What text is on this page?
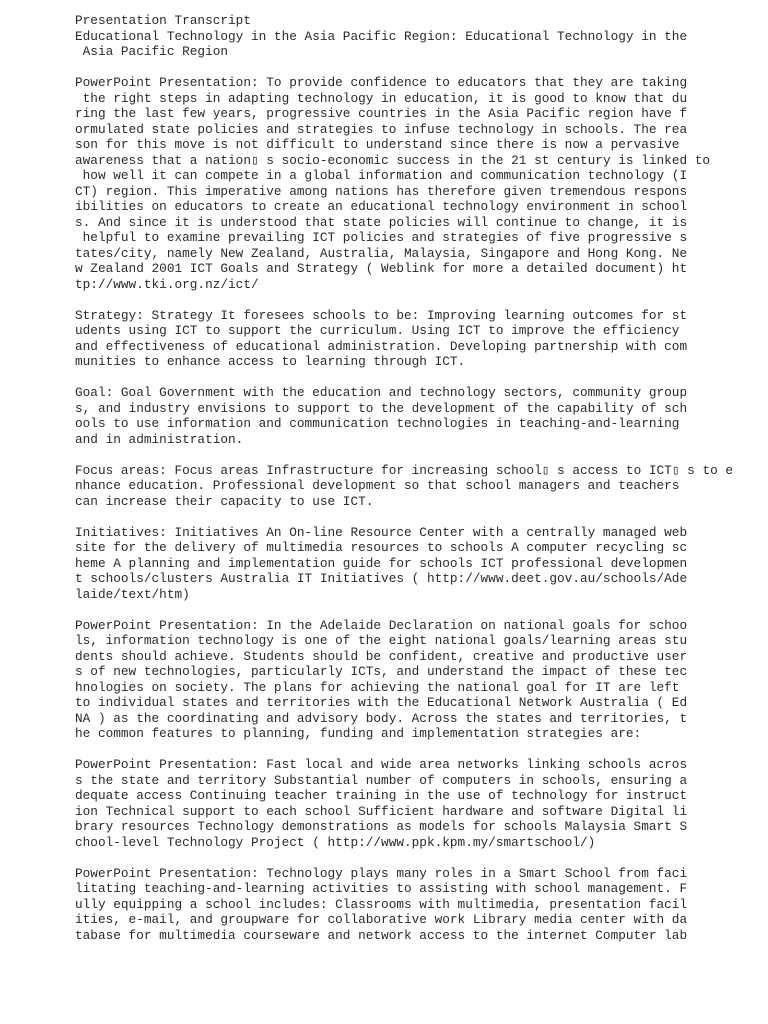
Presentation Transcript
Educational Technology in the Asia Pacific Region: Educational Technology in the
Asia Pacific Region
PowerPoint Presentation: To provide confidence to educators that they are taking
the right steps in adapting technology in education, it is good to know that du
ring the last few years, progressive countries in the Asia Pacific region have f
ormulated state policies and strategies to infuse technology in schools. The rea
son for this move is not difficult to understand since there is now a pervasive
awareness that a nation▯ s socio-economic success in the 21 st century is linked to
how well it can compete in a global information and communication technology (I
CT) region. This imperative among nations has therefore given tremendous respons
ibilities on educators to create an educational technology environment in school
s. And since it is understood that state policies will continue to change, it is
helpful to examine prevailing ICT policies and strategies of five progressive s
tates/city, namely New Zealand, Australia, Malaysia, Singapore and Hong Kong. Ne
w Zealand 2001 ICT Goals and Strategy ( Weblink for more a detailed document) ht
tp://www.tki.org.nz/ict/
Strategy: Strategy It foresees schools to be: Improving learning outcomes for st
udents using ICT to support the curriculum. Using ICT to improve the efficiency
and effectiveness of educational administration. Developing partnership with com
munities to enhance access to learning through ICT.
Goal: Goal Government with the education and technology sectors, community group
s, and industry envisions to support to the development of the capability of sch
ools to use information and communication technologies in teaching-and-learning
and in administration.
Focus areas: Focus areas Infrastructure for increasing school▯ s access to ICT▯ s to e
nhance education. Professional development so that school managers and teachers
can increase their capacity to use ICT.
Initiatives: Initiatives An On-line Resource Center with a centrally managed web
site for the delivery of multimedia resources to schools A computer recycling sc
heme A planning and implementation guide for schools ICT professional developmen
t schools/clusters Australia IT Initiatives ( http://www.deet.gov.au/schools/Ade
laide/text/htm)
PowerPoint Presentation: In the Adelaide Declaration on national goals for schoo
ls, information technology is one of the eight national goals/learning areas stu
dents should achieve. Students should be confident, creative and productive user
s of new technologies, particularly ICTs, and understand the impact of these tec
hnologies on society. The plans for achieving the national goal for IT are left
to individual states and territories with the Educational Network Australia ( Ed
NA ) as the coordinating and advisory body. Across the states and territories, t
he common features to planning, funding and implementation strategies are:
PowerPoint Presentation: Fast local and wide area networks linking schools acros
s the state and territory Substantial number of computers in schools, ensuring a
dequate access Continuing teacher training in the use of technology for instruct
ion Technical support to each school Sufficient hardware and software Digital li
brary resources Technology demonstrations as models for schools Malaysia Smart S
chool-level Technology Project ( http://www.ppk.kpm.my/smartschool/)
PowerPoint Presentation: Technology plays many roles in a Smart School from faci
litating teaching-and-learning activities to assisting with school management. F
ully equipping a school includes: Classrooms with multimedia, presentation facil
ities, e-mail, and groupware for collaborative work Library media center with da
tabase for multimedia courseware and network access to the internet Computer lab
